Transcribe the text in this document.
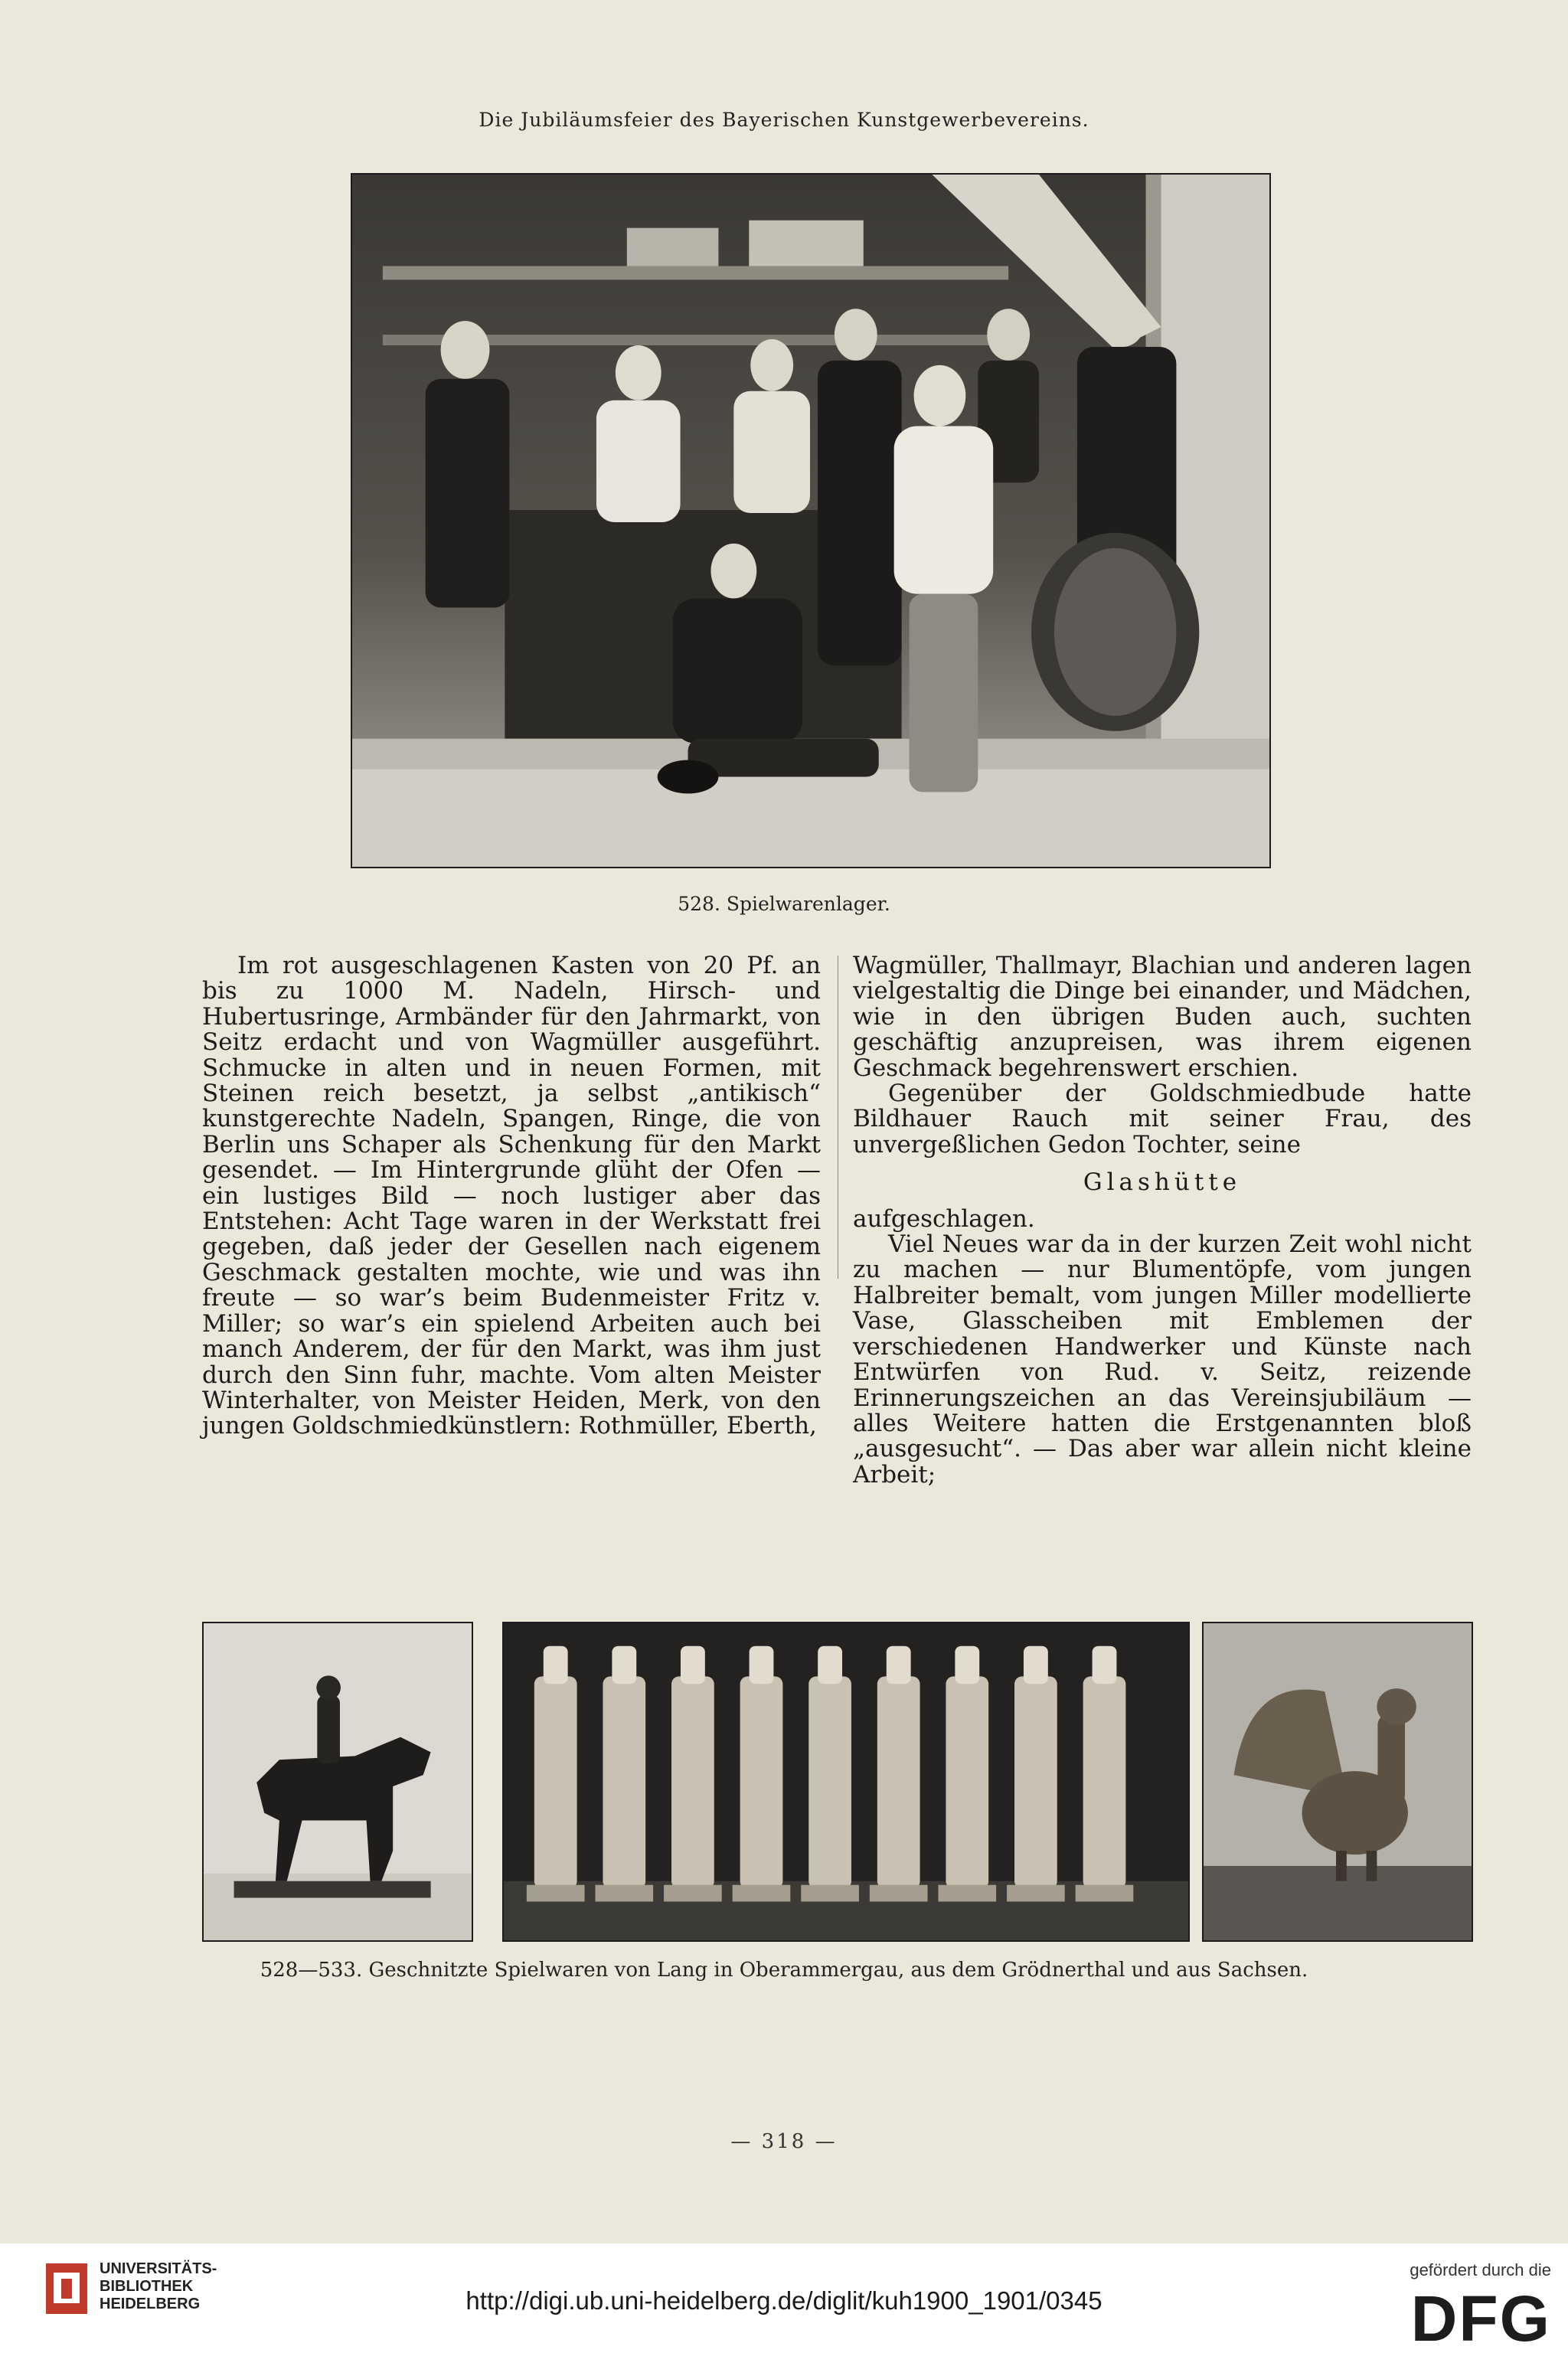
Die Jubiläumsfeier des Bayerischen Kunstgewerbevereins.
528. Spielwarenlager.

Im rot ausgeschlagenen Kasten von 20 Pf. an bis zu 1000 M. Nadeln, Hirsch- und Hubertusringe, Armbänder für den Jahrmarkt, von Seitz erdacht und von Wagmüller ausgeführt. Schmucke in alten und in neuen Formen, mit Steinen reich besetzt, ja selbst „antikisch“ kunstgerechte Nadeln, Spangen, Ringe, die von Berlin uns Schaper als Schenkung für den Markt gesendet. — Im Hintergrunde glüht der Ofen — ein lustiges Bild — noch lustiger aber das Entstehen: Acht Tage waren in der Werkstatt frei gegeben, daß jeder der Gesellen nach eigenem Geschmack gestalten mochte, wie und was ihn freute — so war’s beim Budenmeister Fritz v. Miller; so war’s ein spielend Arbeiten auch bei manch Anderem, der für den Markt, was ihm just durch den Sinn fuhr, machte. Vom alten Meister Winterhalter, von Meister Heiden, Merk, von den jungen Goldschmiedkünstlern: Rothmüller, Eberth,

Wagmüller, Thallmayr, Blachian und anderen lagen vielgestaltig die Dinge bei einander, und Mädchen, wie in den übrigen Buden auch, suchten geschäftig anzupreisen, was ihrem eigenen Geschmack begehrenswert erschien.

Gegenüber der Goldschmiedbude hatte Bildhauer Rauch mit seiner Frau, des unvergeßlichen Gedon Tochter, seine

Glashütte

aufgeschlagen.

Viel Neues war da in der kurzen Zeit wohl nicht zu machen — nur Blumentöpfe, vom jungen Halbreiter bemalt, vom jungen Miller modellierte Vase, Glasscheiben mit Emblemen der verschiedenen Handwerker und Künste nach Entwürfen von Rud. v. Seitz, reizende Erinnerungszeichen an das Vereinsjubiläum — alles Weitere hatten die Erstgenannten bloß „ausgesucht“. — Das aber war allein nicht kleine Arbeit;

528—533. Geschnitzte Spielwaren von Lang in Oberammergau, aus dem Grödnerthal und aus Sachsen.
— 318 —
UNIVERSITÄTS-
BIBLIOTHEK
HEIDELBERG	http://digi.ub.uni-heidelberg.de/diglit/kuh1900_1901/0345
gefördert durch die
DFG
